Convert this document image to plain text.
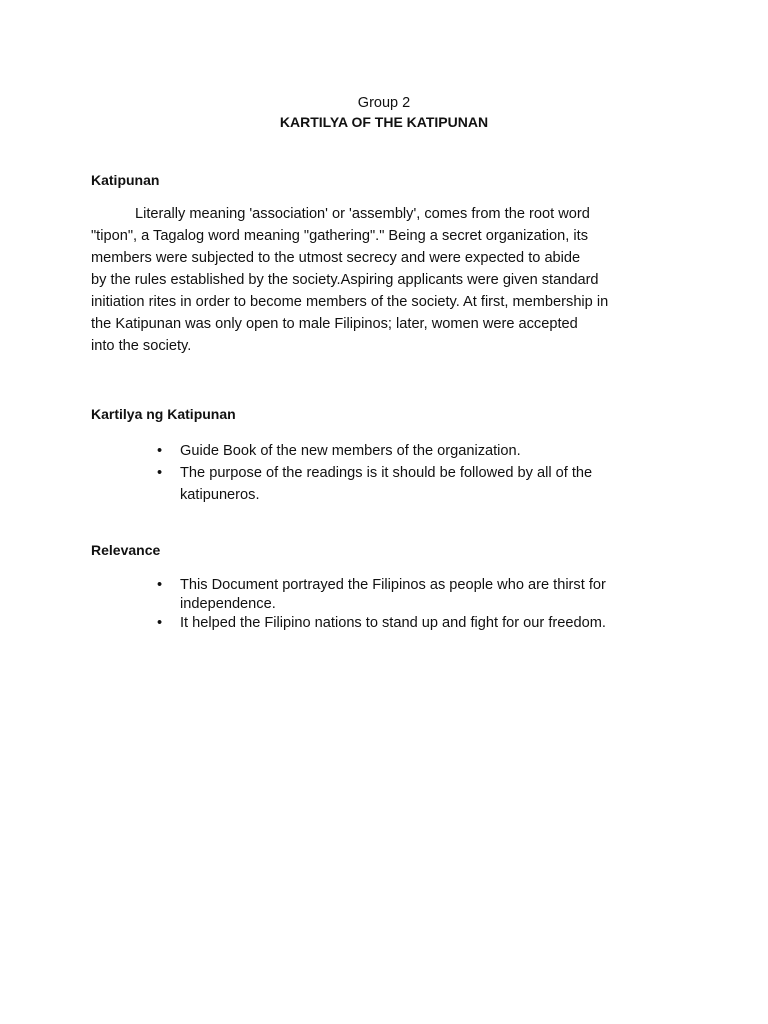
Group 2
KARTILYA OF THE KATIPUNAN
Katipunan
Literally meaning 'association' or 'assembly', comes from the root word
"tipon", a Tagalog word meaning "gathering"." Being a secret organization, its
members were subjected to the utmost secrecy and were expected to abide
by the rules established by the society.Aspiring applicants were given standard
initiation rites in order to become members of the society. At first, membership in
the Katipunan was only open to male Filipinos; later, women were accepted
into the society.
Kartilya ng Katipunan
• Guide Book of the new members of the organization.
• The purpose of the readings is it should be followed by all of the
katipuneros.
Relevance
• This Document portrayed the Filipinos as people who are thirst for
independence.
• It helped the Filipino nations to stand up and fight for our freedom.
